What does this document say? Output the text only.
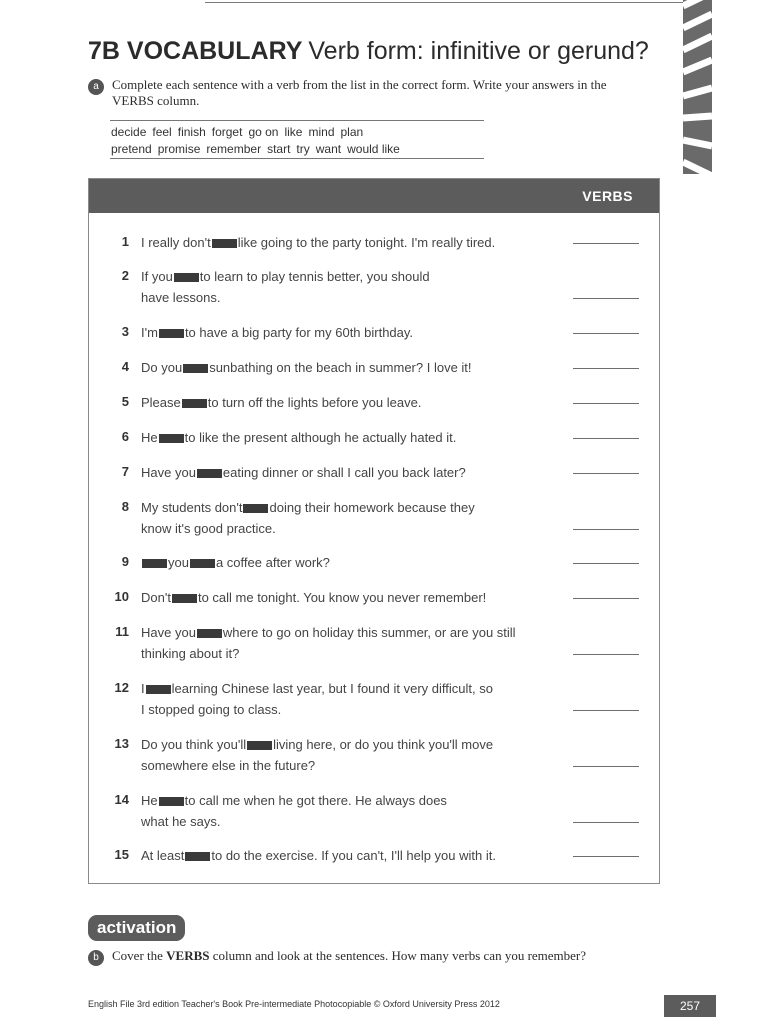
7B VOCABULARY Verb form: infinitive or gerund?
a	Complete each sentence with a verb from the list in the correct form. Write your answers in the
VERBS column.
decide feel finish forget go on like mind plan
pretend promise remember start try want would like
VERBS
1 I really don't like going to the party tonight. I'm really tired.
2 If you to learn to play tennis better, you should
have lessons.
3 I'm to have a big party for my 60th birthday.
4 Do you sunbathing on the beach in summer? I love it!
5 Please to turn off the lights before you leave.
6 He to like the present although he actually hated it.
7 Have you eating dinner or shall I call you back later?
8 My students don't doing their homework because they
know it's good practice.
9	you a coffee after work?
10 Don't to call me tonight. You know you never remember!
11 Have you where to go on holiday this summer, or are you still
thinking about it?
12 I learning Chinese last year, but I found it very difficult, so
I stopped going to class.
13 Do you think you'll living here, or do you think you'll move
somewhere else in the future?
14 He to call me when he got there. He always does
what he says.
15 At least to do the exercise. If you can't, I'll help you with it.
activation
b	Cover the VERBS column and look at the sentences. How many verbs can you remember?
English File 3rd edition Teacher's Book Pre-intermediate Photocopiable © Oxford University Press 2012	257
